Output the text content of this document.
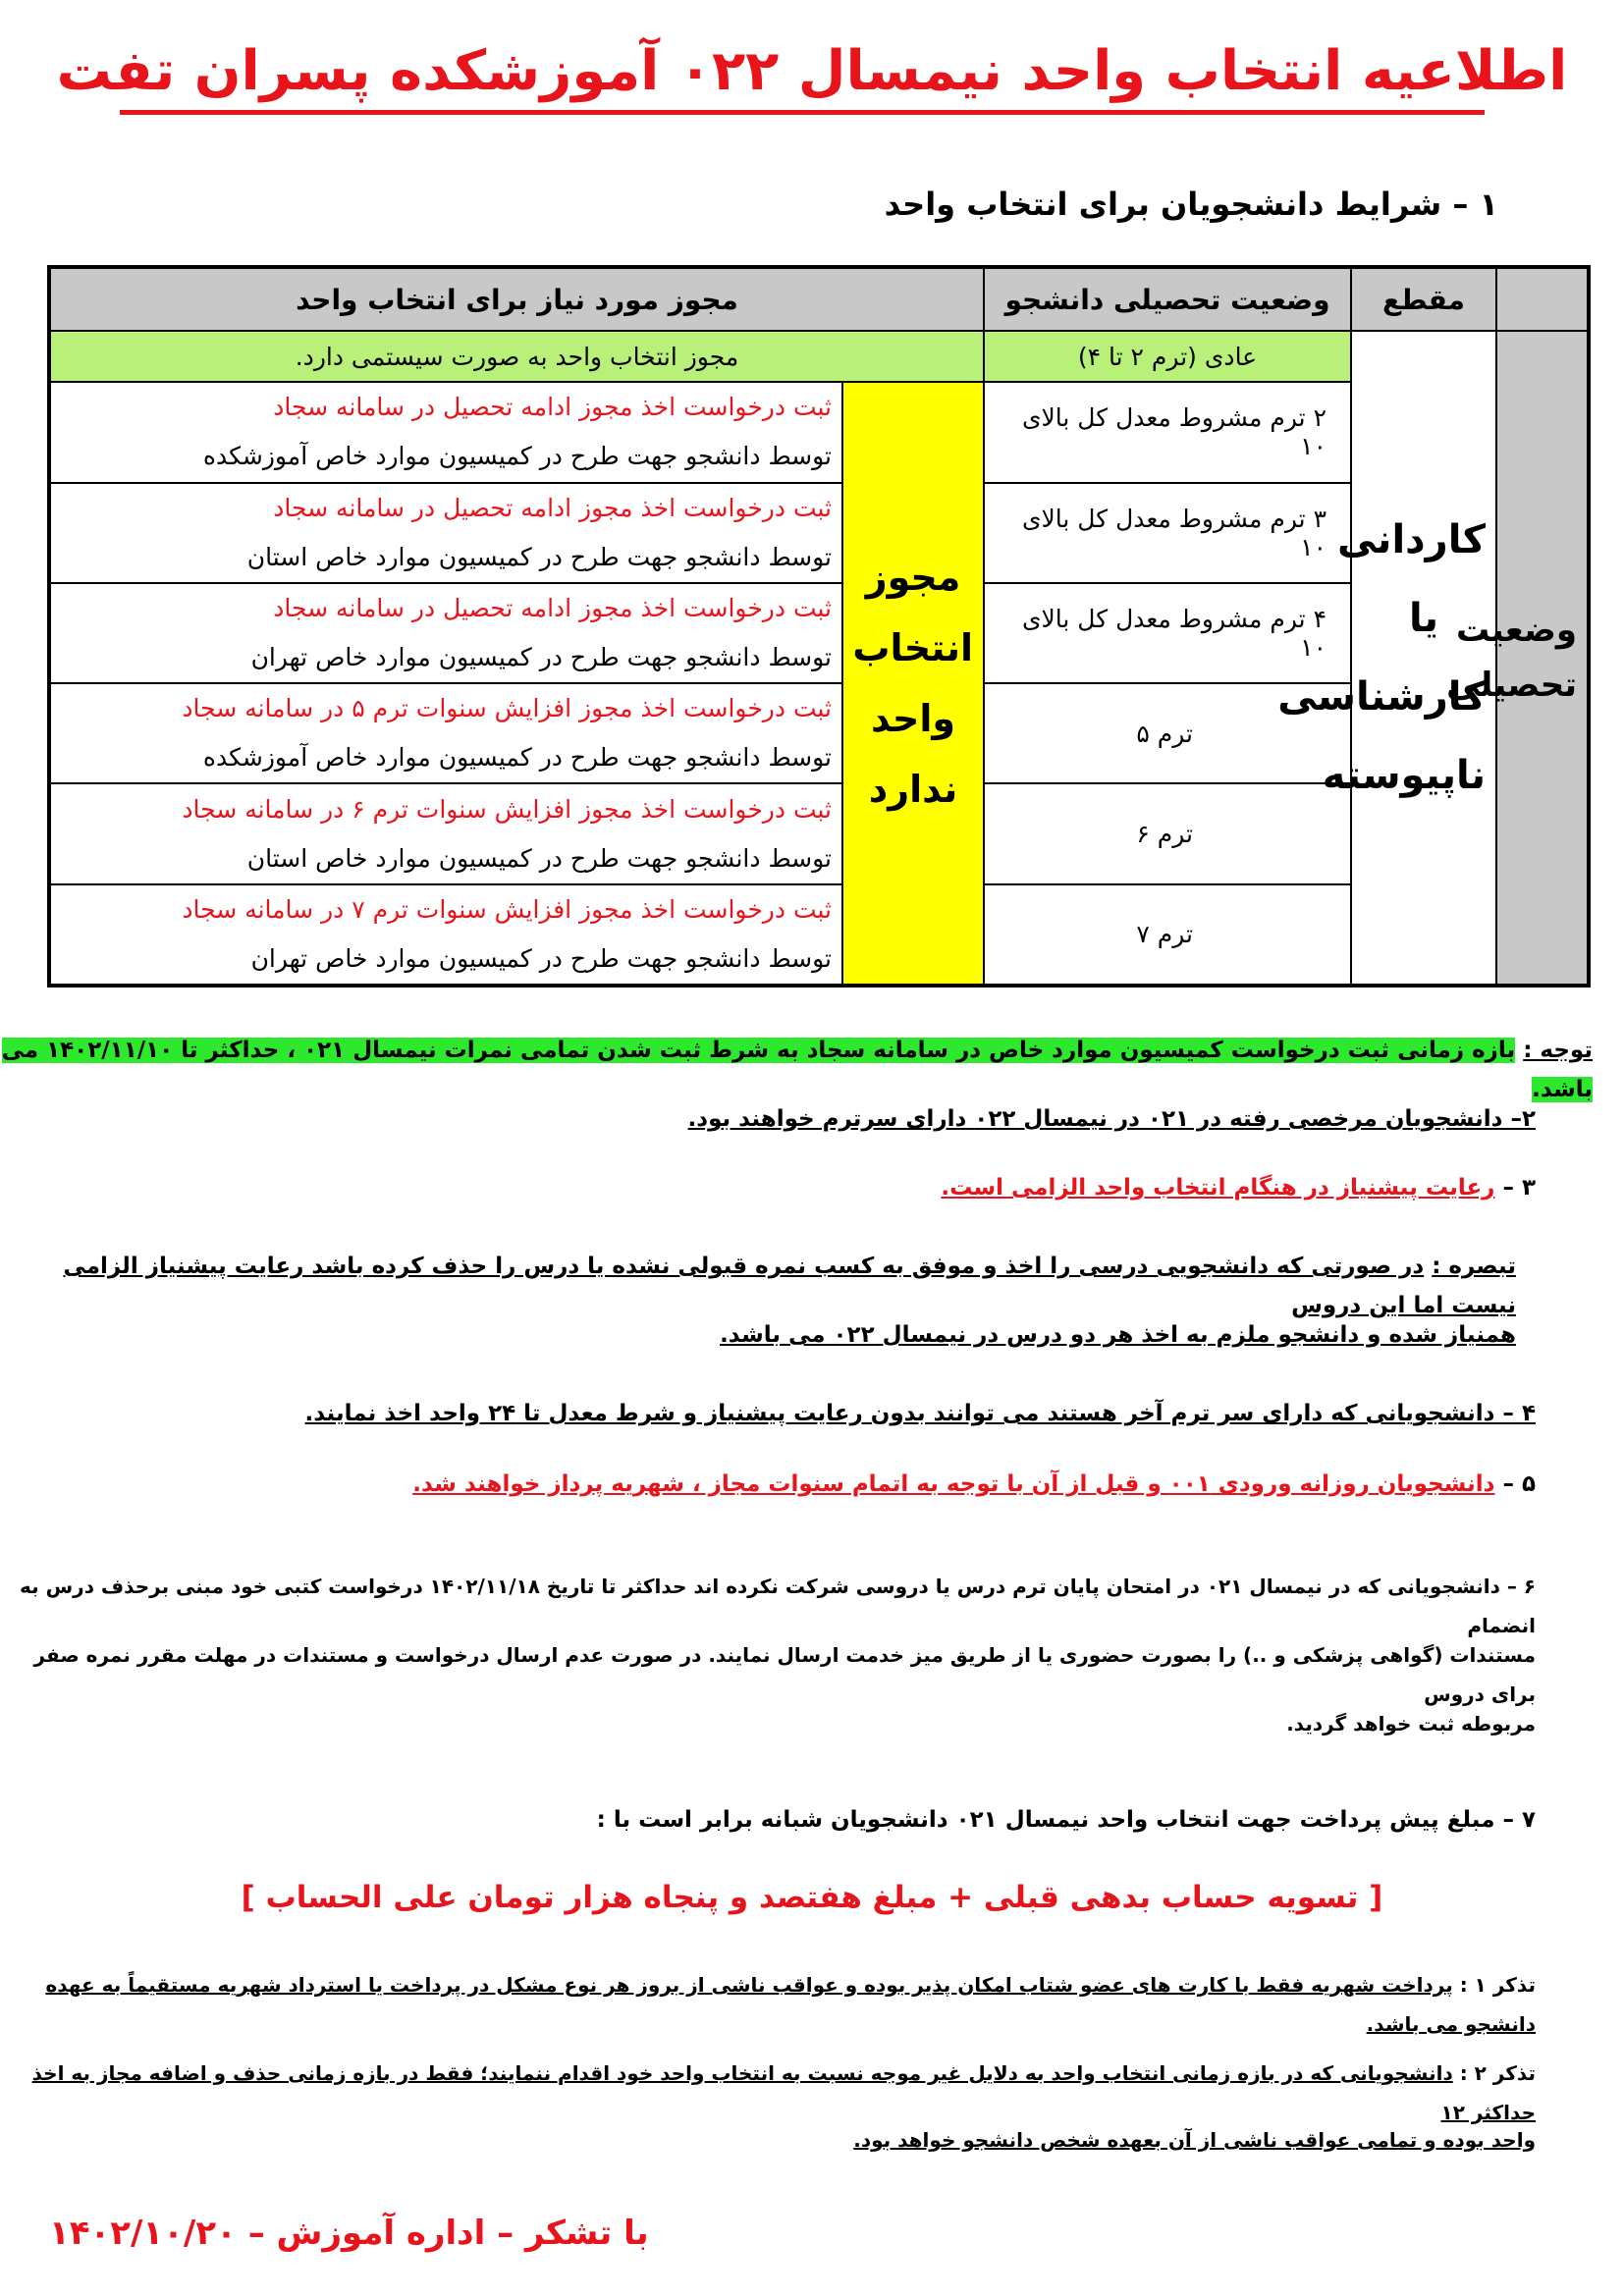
اطلاعیه انتخاب واحد نیمسال ۰۲۲ آموزشکده پسران تفت
۱ – شرایط دانشجویان برای انتخاب واحد
	مقطع	وضعیت تحصیلی دانشجو	مجوز مورد نیاز برای انتخاب واحد	
وضعیت تحصیلی	کاردانی یا کارشناسی ناپیوسته	عادی (ترم ۲ تا ۴)	مجوز انتخاب واحد به صورت سیستمی دارد.	
		۲ ترم مشروط معدل کل بالای ۱۰	مجوز انتخاب واحد ندارد	ثبت درخواست اخذ مجوز ادامه تحصیل در سامانه سجاد
توسط دانشجو جهت طرح در کمیسیون موارد خاص آموزشکده

		۳ ترم مشروط معدل کل بالای ۱۰		ثبت درخواست اخذ مجوز ادامه تحصیل در سامانه سجاد
توسط دانشجو جهت طرح در کمیسیون موارد خاص استان

		۴ ترم مشروط معدل کل بالای ۱۰		ثبت درخواست اخذ مجوز ادامه تحصیل در سامانه سجاد
توسط دانشجو جهت طرح در کمیسیون موارد خاص تهران

		ترم ۵		ثبت درخواست اخذ مجوز افزایش سنوات ترم ۵ در سامانه سجاد
توسط دانشجو جهت طرح در کمیسیون موارد خاص آموزشکده

		ترم ۶		ثبت درخواست اخذ مجوز افزایش سنوات ترم ۶ در سامانه سجاد
توسط دانشجو جهت طرح در کمیسیون موارد خاص استان

		ترم ۷		ثبت درخواست اخذ مجوز افزایش سنوات ترم ۷ در سامانه سجاد
توسط دانشجو جهت طرح در کمیسیون موارد خاص تهران
توجه : بازه زمانی ثبت درخواست کمیسیون موارد خاص در سامانه سجاد به شرط ثبت شدن تمامی نمرات نیمسال ۰۲۱ ، حداکثر تا ۱۴۰۲/۱۱/۱۰ می باشد.
۲– دانشجویان مرخصی رفته در ۰۲۱ در نیمسال ۰۲۲ دارای سرترم خواهند بود.
۳ – رعایت پیشنیاز در هنگام انتخاب واحد الزامی است.
تبصره : در صورتی که دانشجویی درسی را اخذ و موفق به کسب نمره قبولی نشده یا درس را حذف کرده باشد رعایت پیشنیاز الزامی نیست اما این دروس
همنیاز شده و دانشجو ملزم به اخذ هر دو درس در نیمسال ۰۲۲ می باشد.
۴ – دانشجویانی که دارای سر ترم آخر هستند می توانند بدون رعایت پیشنیاز و شرط معدل تا ۲۴ واحد اخذ نمایند.
۵ – دانشجویان روزانه ورودی ۰۰۱ و قبل از آن با توجه به اتمام سنوات مجاز ، شهریه پرداز خواهند شد.
۶ – دانشجویانی که در نیمسال ۰۲۱ در امتحان پایان ترم درس یا دروسی شرکت نکرده اند حداکثر تا تاریخ ۱۴۰۲/۱۱/۱۸ درخواست کتبی خود مبنی برحذف درس به انضمام
مستندات (گواهی پزشکی و ..) را بصورت حضوری یا از طریق میز خدمت ارسال نمایند. در صورت عدم ارسال درخواست و مستندات در مهلت مقرر نمره صفر برای دروس
مربوطه ثبت خواهد گردید.
۷ – مبلغ پیش پرداخت جهت انتخاب واحد نیمسال ۰۲۱ دانشجویان شبانه برابر است با :
[ تسویه حساب بدهی قبلی + مبلغ هفتصد و پنجاه هزار تومان علی الحساب ]
تذکر ۱ : پرداخت شهریه فقط با کارت های عضو شتاب امکان پذیر بوده و عواقب ناشی از بروز هر نوع مشکل در پرداخت یا استرداد شهریه مستقیماً به عهده دانشجو می باشد.
تذکر ۲ : دانشجویانی که در بازه زمانی انتخاب واحد به دلایل غیر موجه نسبت به انتخاب واحد خود اقدام ننمایند؛ فقط در بازه زمانی حذف و اضافه مجاز به اخذ حداکثر ۱۲
واحد بوده و تمامی عواقب ناشی از آن بعهده شخص دانشجو خواهد بود.
با تشکر – اداره آموزش – ۱۴۰۲/۱۰/۲۰
